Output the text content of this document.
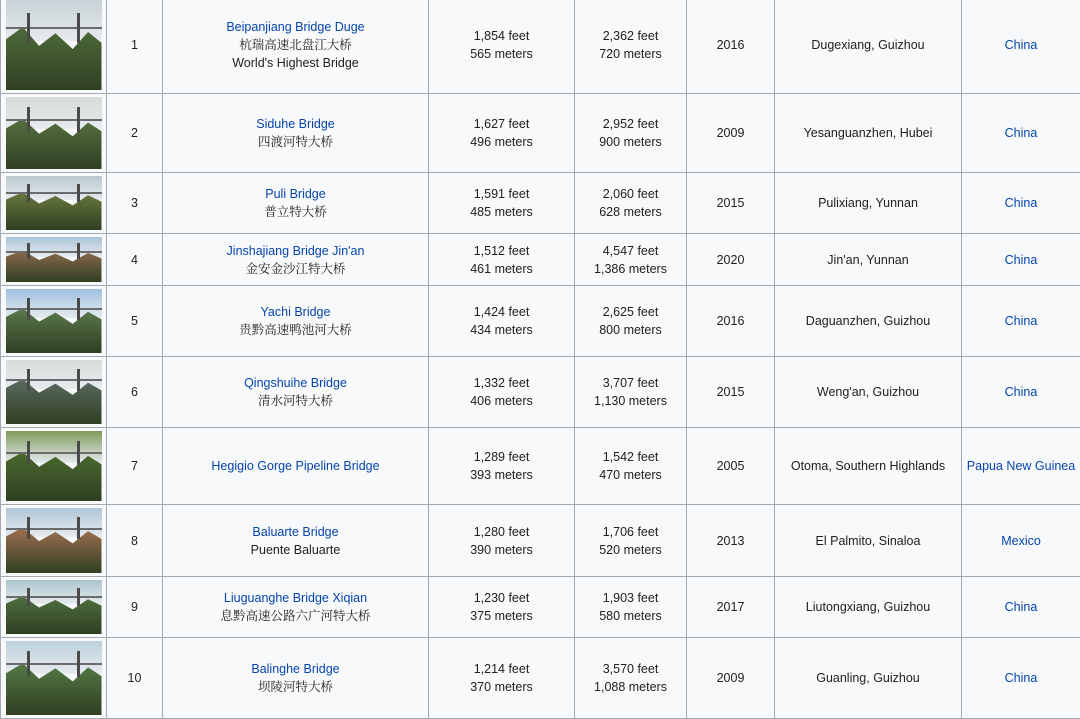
	1	Beipanjiang Bridge Duge
杭瑞高速北盘江大桥
World's Highest Bridge	1,854 feet
565 meters	2,362 feet
720 meters	2016	Dugexiang, Guizhou	China

	2	Siduhe Bridge
四渡河特大桥	1,627 feet
496 meters	2,952 feet
900 meters	2009	Yesanguanzhen, Hubei	China

	3	Puli Bridge
普立特大桥	1,591 feet
485 meters	2,060 feet
628 meters	2015	Pulixiang, Yunnan	China

	4	Jinshajiang Bridge Jin'an
金安金沙江特大桥	1,512 feet
461 meters	4,547 feet
1,386 meters	2020	Jin'an, Yunnan	China

	5	Yachi Bridge
贵黔高速鸭池河大桥	1,424 feet
434 meters	2,625 feet
800 meters	2016	Daguanzhen, Guizhou	China

	6	Qingshuihe Bridge
清水河特大桥	1,332 feet
406 meters	3,707 feet
1,130 meters	2015	Weng'an, Guizhou	China

	7	Hegigio Gorge Pipeline Bridge	1,289 feet
393 meters	1,542 feet
470 meters	2005	Otoma, Southern Highlands	Papua New Guinea

	8	Baluarte Bridge
Puente Baluarte	1,280 feet
390 meters	1,706 feet
520 meters	2013	El Palmito, Sinaloa	Mexico

	9	Liuguanghe Bridge Xiqian
息黔高速公路六广河特大桥	1,230 feet
375 meters	1,903 feet
580 meters	2017	Liutongxiang, Guizhou	China

	10	Balinghe Bridge
坝陵河特大桥	1,214 feet
370 meters	3,570 feet
1,088 meters	2009	Guanling, Guizhou	China
